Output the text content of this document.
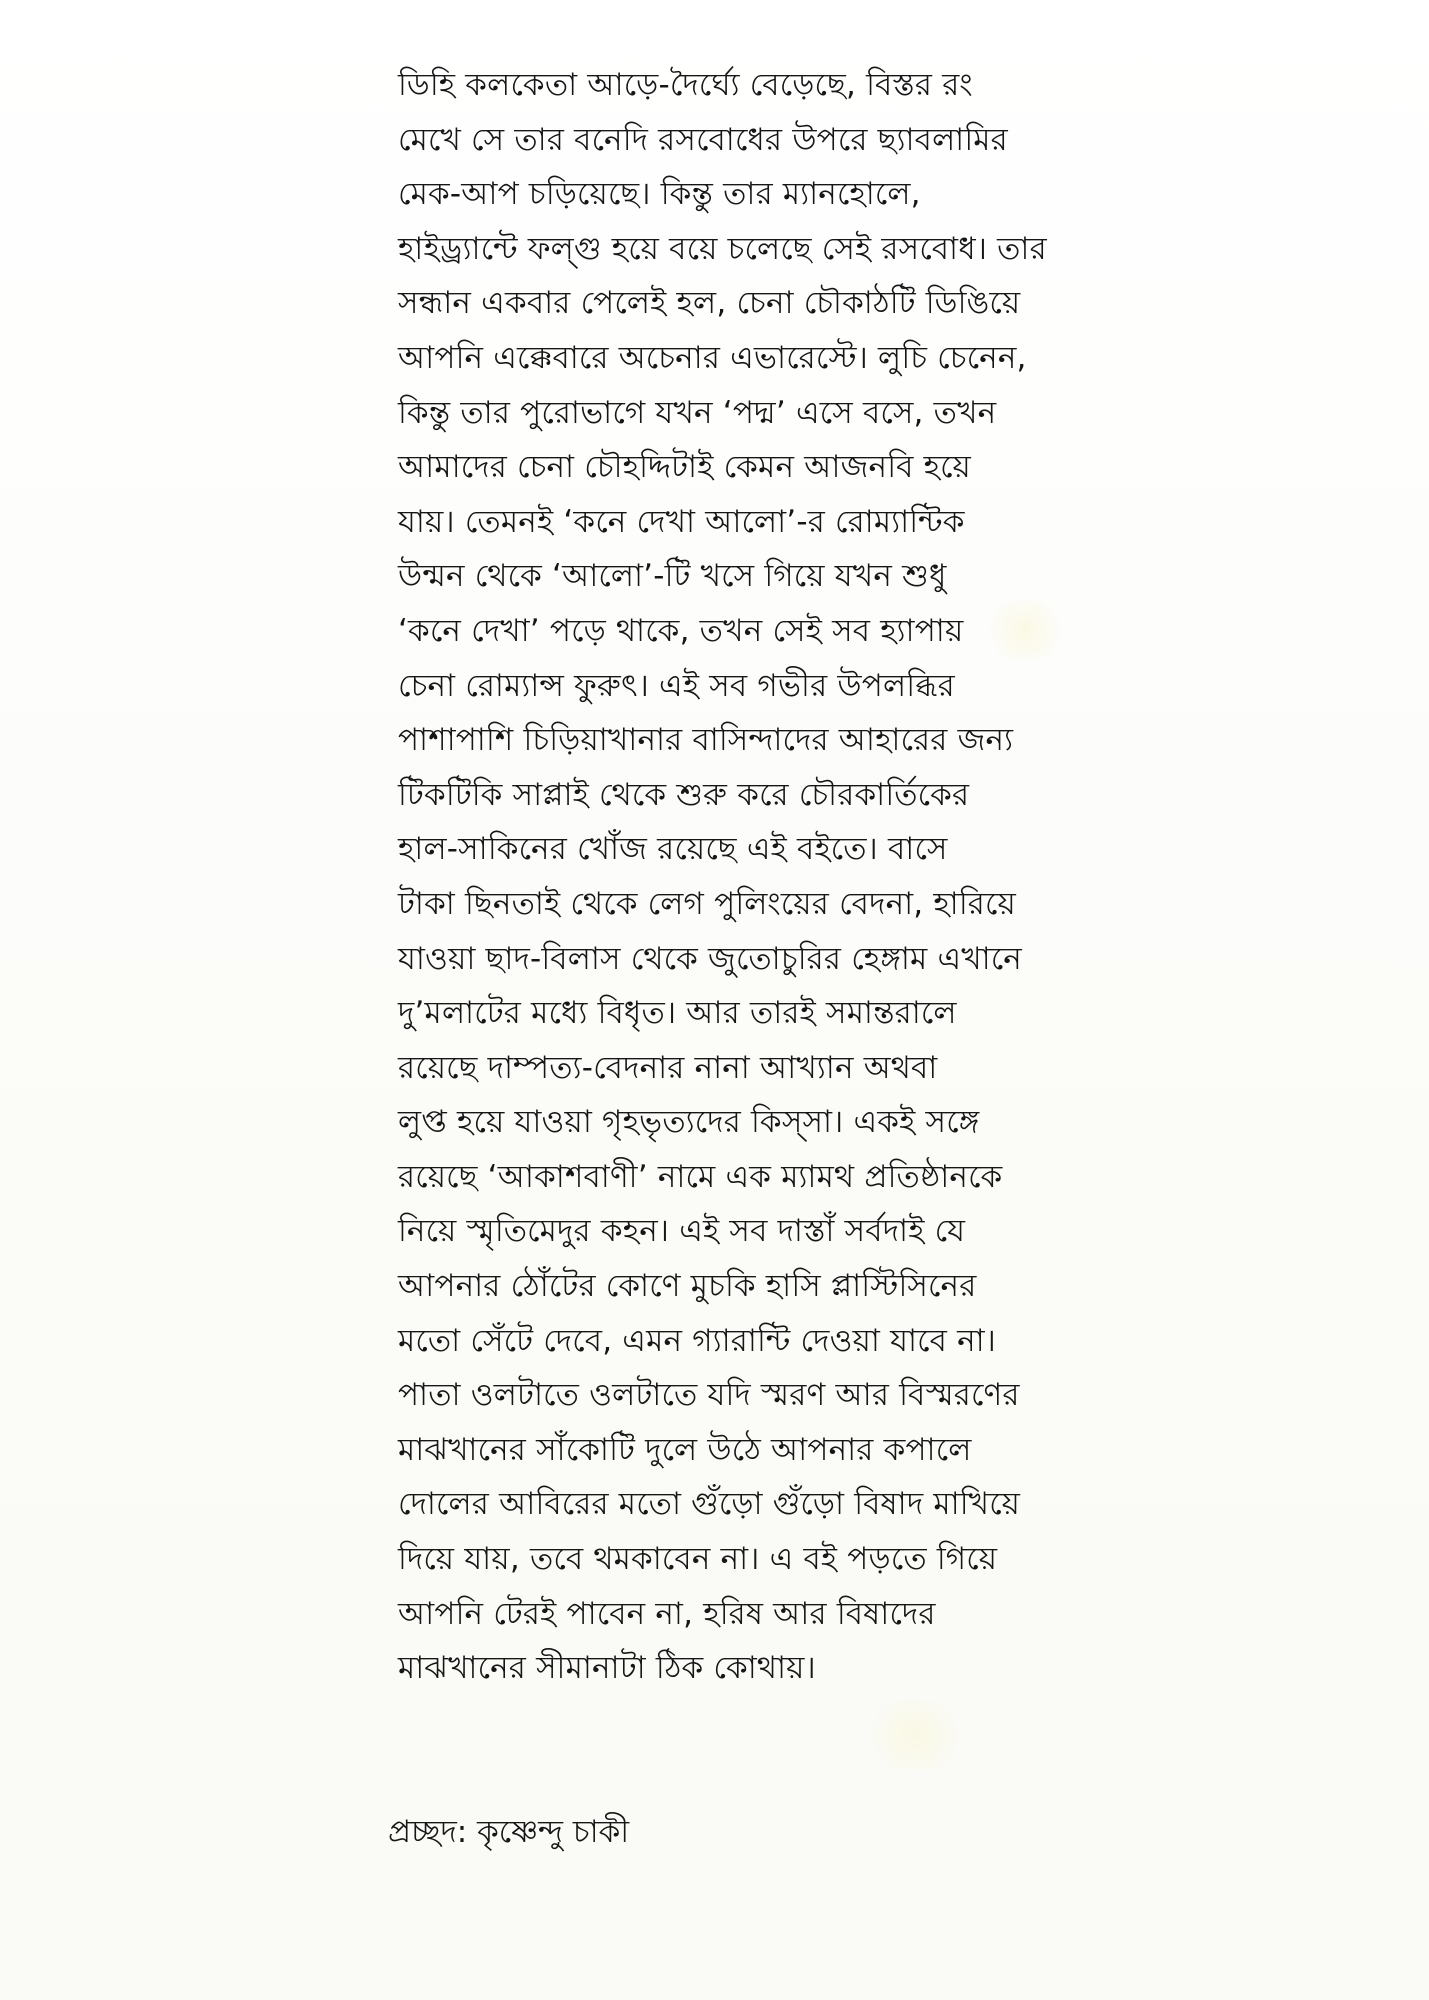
ডিহি কলকেতা আড়ে-দৈর্ঘ্যে বেড়েছে, বিস্তর রং
মেখে সে তার বনেদি রসবোধের উপরে ছ্যাবলামির
মেক-আপ চড়িয়েছে। কিন্তু তার ম্যানহোলে,
হাইড্র্যান্টে ফল্গু হয়ে বয়ে চলেছে সেই রসবোধ। তার
সন্ধান একবার পেলেই হল, চেনা চৌকাঠটি ডিঙিয়ে
আপনি এক্কেবারে অচেনার এভারেস্টে। লুচি চেনেন,
কিন্তু তার পুরোভাগে যখন ‘পদ্ম’ এসে বসে, তখন
আমাদের চেনা চৌহদ্দিটাই কেমন আজনবি হয়ে
যায়। তেমনই ‘কনে দেখা আলো’-র রোম্যান্টিক
উন্মন থেকে ‘আলো’-টি খসে গিয়ে যখন শুধু
‘কনে দেখা’ পড়ে থাকে, তখন সেই সব হ্যাপায়
চেনা রোম্যান্স ফুরুৎ। এই সব গভীর উপলব্ধির
পাশাপাশি চিড়িয়াখানার বাসিন্দাদের আহারের জন্য
টিকটিকি সাপ্লাই থেকে শুরু করে চৌরকার্তিকের
হাল-সাকিনের খোঁজ রয়েছে এই বইতে। বাসে
টাকা ছিনতাই থেকে লেগ পুলিংয়ের বেদনা, হারিয়ে
যাওয়া ছাদ-বিলাস থেকে জুতোচুরির হেঙ্গাম এখানে
দু’মলাটের মধ্যে বিধৃত। আর তারই সমান্তরালে
রয়েছে দাম্পত্য-বেদনার নানা আখ্যান অথবা
লুপ্ত হয়ে যাওয়া গৃহভৃত্যদের কিস্‌সা। একই সঙ্গে
রয়েছে ‘আকাশবাণী’ নামে এক ম্যামথ প্রতিষ্ঠানকে
নিয়ে স্মৃতিমেদুর কহন। এই সব দাস্তাঁ সর্বদাই যে
আপনার ঠোঁটের কোণে মুচকি হাসি প্লাস্টিসিনের
মতো সেঁটে দেবে, এমন গ্যারান্টি দেওয়া যাবে না।
পাতা ওলটাতে ওলটাতে যদি স্মরণ আর বিস্মরণের
মাঝখানের সাঁকোটি দুলে উঠে আপনার কপালে
দোলের আবিরের মতো গুঁড়ো গুঁড়ো বিষাদ মাখিয়ে
দিয়ে যায়, তবে থমকাবেন না। এ বই পড়তে গিয়ে
আপনি টেরই পাবেন না, হরিষ আর বিষাদের
মাঝখানের সীমানাটা ঠিক কোথায়।
প্রচ্ছদ: কৃষ্ণেন্দু চাকী
